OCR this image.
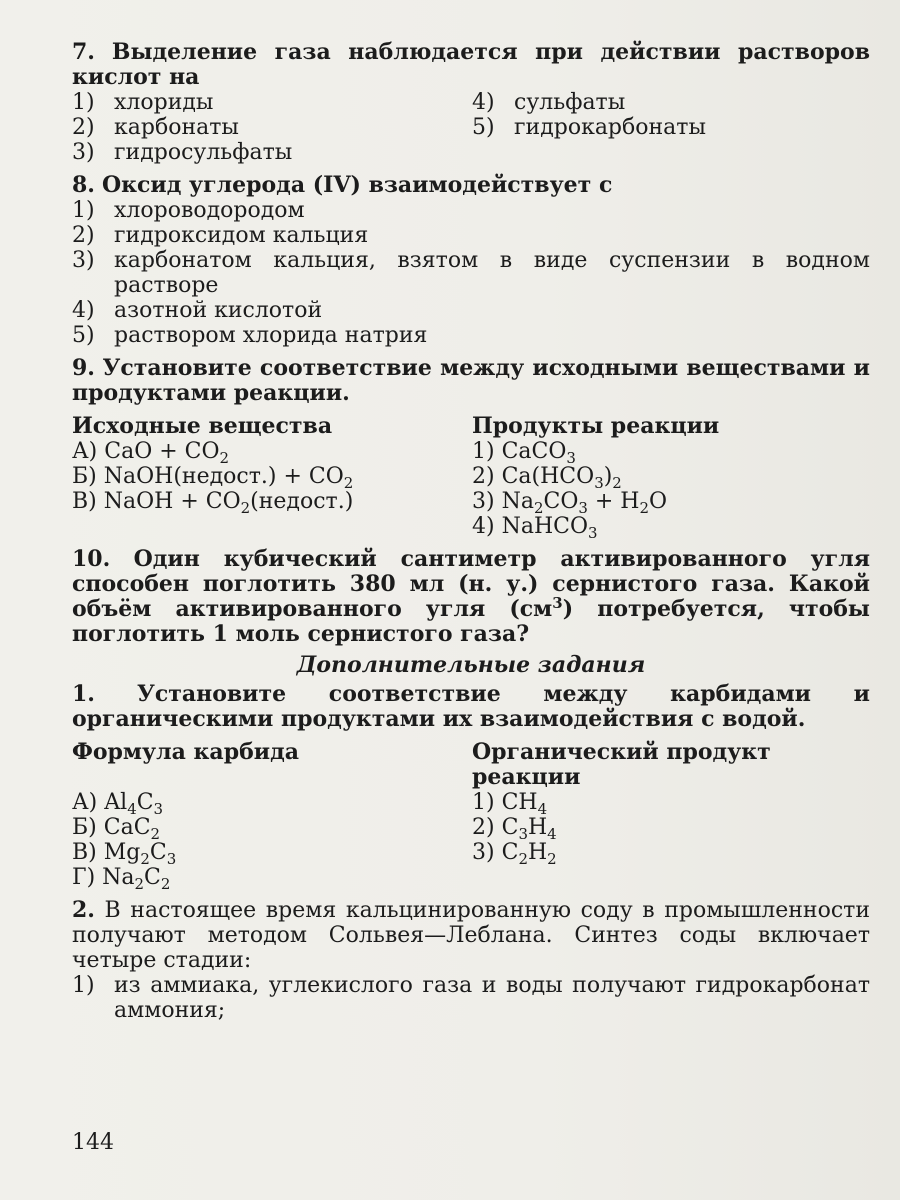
7. Выделение газа наблюдается при действии растворов кислот на

1) хлориды
2) карбонаты
3) гидросульфаты
4) сульфаты
5) гидрокарбонаты

8. Оксид углерода (IV) взаимодействует с

1) хлороводородом
2) гидроксидом кальция
3) карбонатом кальция, взятом в виде суспензии в водном растворе
4) азотной кислотой
5) раствором хлорида натрия

9. Установите соответствие между исходными веществами и продуктами реакции.

Исходные вещества
А) CaO + $CO_2$
Б) NaOH(недост.) + $CO_2$
В) NaOH + $CO_2(недост.)$
Продукты реакции
1) CaCO$_3$
2) $Ca(HCO_3)_2$
3) $Na_2CO_3 + H_2O$
4) NaHCO$_3$

10. Один кубический сантиметр активированного угля способен поглотить 380 мл (н. у.) сернистого газа. Какой объём активированного угля $(см^3)$ потребуется, чтобы поглотить 1 моль сернистого газа?

Дополнительные задания

1. Установите соответствие между карбидами и органическими продуктами их взаимодействия с водой.

Формула карбида
А) $Al_4C_3$
Б) CaC$_2$
В) $Mg_2C_3$
Г) $Na_2C_2$
Органический продукт реакции
1) $CH_4$
2) $C_3H_4$
3) $C_2H_2$

2. В настоящее время кальцинированную соду в промышленности получают методом Сольвея—Леблана. Синтез соды включает четыре стадии:

1) из аммиака, углекислого газа и воды получают гидрокарбонат аммония;
144
